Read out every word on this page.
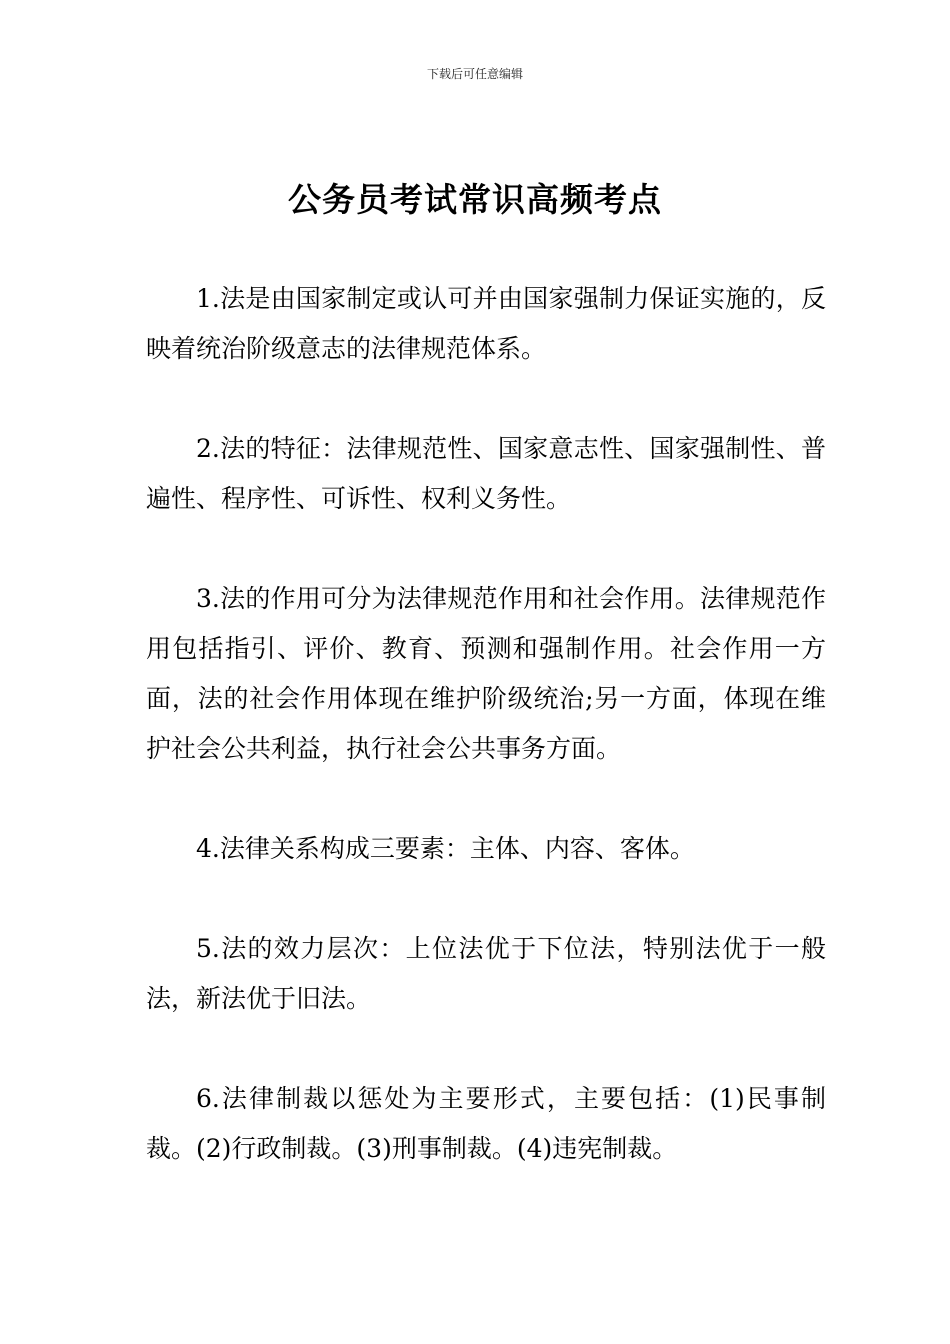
下载后可任意编辑
公务员考试常识高频考点

1.法是由国家制定或认可并由国家强制力保证实施的，反映着统治阶级意志的法律规范体系。

2.法的特征：法律规范性、国家意志性、国家强制性、普遍性、程序性、可诉性、权利义务性。

3.法的作用可分为法律规范作用和社会作用。法律规范作用包括指引、评价、教育、预测和强制作用。社会作用一方面，法的社会作用体现在维护阶级统治;另一方面，体现在维护社会公共利益，执行社会公共事务方面。

4.法律关系构成三要素：主体、内容、客体。

5.法的效力层次：上位法优于下位法，特别法优于一般法，新法优于旧法。

6.法律制裁以惩处为主要形式，主要包括：(1)民事制裁。(2)行政制裁。(3)刑事制裁。(4)违宪制裁。
